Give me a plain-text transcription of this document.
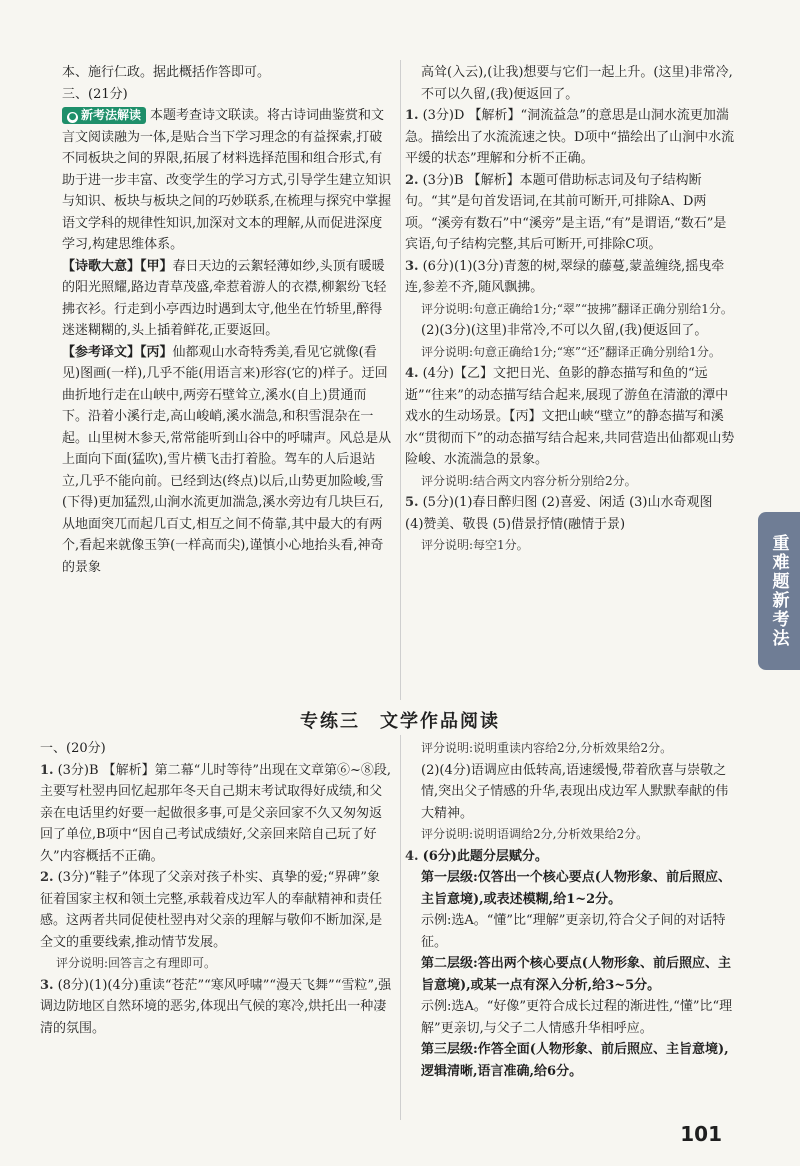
本、施行仁政。据此概括作答即可。

三、(21分)

● 新考法解读 本题考查诗文联读。将古诗词曲鉴赏和文言文阅读融为一体,是贴合当下学习理念的有益探索,打破不同板块之间的界限,拓展了材料选择范围和组合形式,有助于进一步丰富、改变学生的学习方式,引导学生建立知识与知识、板块与板块之间的巧妙联系,在梳理与探究中掌握语文学科的规律性知识,加深对文本的理解,从而促进深度学习,构建思维体系。

【诗歌大意】【甲】春日天边的云絮轻薄如纱,头顶有暖暖的阳光照耀,路边青草茂盛,牵惹着游人的衣襟,柳絮纷飞轻拂衣衫。行走到小亭西边时遇到太守,他坐在竹轿里,醉得迷迷糊糊的,头上插着鲜花,正要返回。

【参考译文】【丙】仙都观山水奇特秀美,看见它就像(看见)图画(一样),几乎不能(用语言来)形容(它的)样子。迂回曲折地行走在山峡中,两旁石壁耸立,溪水(自上)贯通而下。沿着小溪行走,高山峻峭,溪水湍急,和积雪混杂在一起。山里树木参天,常常能听到山谷中的呼啸声。风总是从上面向下面(猛吹),雪片横飞击打着脸。驾车的人后退站立,几乎不能向前。已经到达(终点)以后,山势更加险峻,雪(下得)更加猛烈,山涧水流更加湍急,溪水旁边有几块巨石,从地面突兀而起几百丈,相互之间不倚靠,其中最大的有两个,看起来就像玉笋(一样高而尖),谨慎小心地抬头看,神奇的景象

高耸(入云),(让我)想要与它们一起上升。(这里)非常冷,不可以久留,(我)便返回了。

1. (3分)D 【解析】“洞流益急”的意思是山洞水流更加湍急。描绘出了水流流速之快。D项中“描绘出了山涧中水流平缓的状态”理解和分析不正确。

2. (3分)B 【解析】本题可借助标志词及句子结构断句。“其”是句首发语词,在其前可断开,可排除A、D两项。“溪旁有数石”中“溪旁”是主语,“有”是谓语,“数石”是宾语,句子结构完整,其后可断开,可排除C项。

3. (6分)(1)(3分)青葱的树,翠绿的藤蔓,蒙盖缠绕,摇曳牵连,参差不齐,随风飘拂。

评分说明:句意正确给1分;“翠”“披拂”翻译正确分别给1分。

(2)(3分)(这里)非常冷,不可以久留,(我)便返回了。

评分说明:句意正确给1分;“寒”“还”翻译正确分别给1分。

4. (4分)【乙】文把日光、鱼影的静态描写和鱼的“远逝”“往来”的动态描写结合起来,展现了游鱼在清澈的潭中戏水的生动场景。【丙】文把山峡“壁立”的静态描写和溪水“贯彻而下”的动态描写结合起来,共同营造出仙都观山势险峻、水流湍急的景象。

评分说明:结合两文内容分析分别给2分。

5. (5分)(1)春日醉归图 (2)喜爱、闲适 (3)山水奇观图 (4)赞美、敬畏 (5)借景抒情(融情于景)

评分说明:每空1分。

专练三　文学作品阅读

一、(20分)

1. (3分)B 【解析】第二幕“儿时等待”出现在文章第⑥~⑧段,主要写杜翌冉回忆起那年冬天自己期末考试取得好成绩,和父亲在电话里约好要一起做很多事,可是父亲回家不久又匆匆返回了单位,B项中“因自己考试成绩好,父亲回来陪自己玩了好久”内容概括不正确。

2. (3分)“鞋子”体现了父亲对孩子朴实、真挚的爱;“界碑”象征着国家主权和领土完整,承载着戍边军人的奉献精神和责任感。这两者共同促使杜翌冉对父亲的理解与敬仰不断加深,是全文的重要线索,推动情节发展。

评分说明:回答言之有理即可。

3. (8分)(1)(4分)重读“苍茫”“寒风呼啸”“漫天飞舞”“雪粒”,强调边防地区自然环境的恶劣,体现出气候的寒冷,烘托出一种凄清的氛围。

评分说明:说明重读内容给2分,分析效果给2分。

(2)(4分)语调应由低转高,语速缓慢,带着欣喜与崇敬之情,突出父子情感的升华,表现出戍边军人默默奉献的伟大精神。

评分说明:说明语调给2分,分析效果给2分。

4. (6分)此题分层赋分。

第一层级:仅答出一个核心要点(人物形象、前后照应、主旨意境),或表述模糊,给1~2分。

示例:选A。“懂”比“理解”更亲切,符合父子间的对话特征。

第二层级:答出两个核心要点(人物形象、前后照应、主旨意境),或某一点有深入分析,给3~5分。

示例:选A。“好像”更符合成长过程的渐进性,“懂”比“理解”更亲切,与父子二人情感升华相呼应。

第三层级:作答全面(人物形象、前后照应、主旨意境),逻辑清晰,语言准确,给6分。

重难题新考法
101
